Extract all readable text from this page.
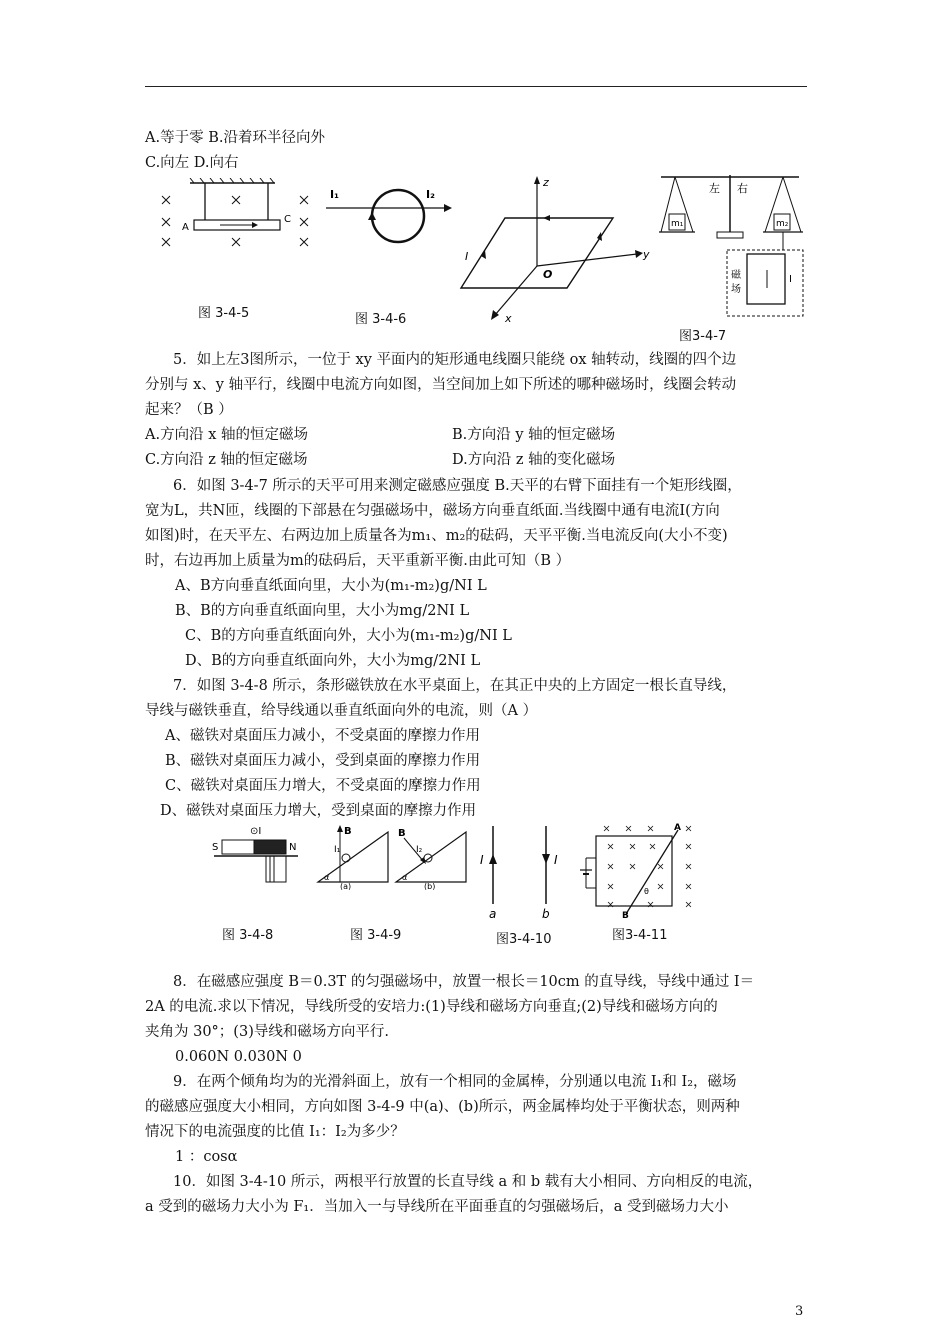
A.等于零 B.沿着环半径向外
C.向左 D.向右
A
C
图 3-4-5
I₁	I₂
图 3-4-6
z
y
x
O
I
左 右
m₁	m₂
磁
场
I
图3-4-7
5．如上左3图所示，一位于 xy 平面内的矩形通电线圈只能绕 ox 轴转动，线圈的四个边
分别与 x、y 轴平行，线圈中电流方向如图，当空间加上如下所述的哪种磁场时，线圈会转动
起来？（B ）
A.方向沿 x 轴的恒定磁场	B.方向沿 y 轴的恒定磁场
C.方向沿 z 轴的恒定磁场	D.方向沿 z 轴的变化磁场
6．如图 3-4-7 所示的天平可用来测定磁感应强度 B.天平的右臂下面挂有一个矩形线圈，
宽为L，共N匝，线圈的下部悬在匀强磁场中，磁场方向垂直纸面.当线圈中通有电流I(方向
如图)时，在天平左、右两边加上质量各为m₁、m₂的砝码，天平平衡.当电流反向(大小不变)
时，右边再加上质量为m的砝码后，天平重新平衡.由此可知（B ）
A、B方向垂直纸面向里，大小为(m₁-m₂)g/NI L
B、B的方向垂直纸面向里，大小为mg/2NI L
C、B的方向垂直纸面向外，大小为(m₁-m₂)g/NI L
D、B的方向垂直纸面向外，大小为mg/2NI L
7．如图 3-4-8 所示，条形磁铁放在水平桌面上，在其正中央的上方固定一根长直导线，
导线与磁铁垂直，给导线通以垂直纸面向外的电流，则（A ）
A、磁铁对桌面压力减小，不受桌面的摩擦力作用
B、磁铁对桌面压力减小，受到桌面的摩擦力作用
C、磁铁对桌面压力增大，不受桌面的摩擦力作用
D、磁铁对桌面压力增大，受到桌面的摩擦力作用
⊙I
S	N
图 3-4-8
B
I₁
α
(a)
B
I₂
α
(b)
图 3-4-9
I
a
I
b
图3-4-10
A
B
θ
图3-4-11
8．在磁感应强度 B＝0.3T 的匀强磁场中，放置一根长＝10cm 的直导线，导线中通过 I＝
2A 的电流.求以下情况，导线所受的安培力:(1)导线和磁场方向垂直;(2)导线和磁场方向的
夹角为 30°；(3)导线和磁场方向平行.
0.060N 0.030N 0
9．在两个倾角均为的光滑斜面上，放有一个相同的金属棒，分别通以电流 I₁和 I₂，磁场
的磁感应强度大小相同，方向如图 3-4-9 中(a)、(b)所示，两金属棒均处于平衡状态，则两种
情况下的电流强度的比值 I₁：I₂为多少？
1 ：cosα
10．如图 3-4-10 所示，两根平行放置的长直导线 a 和 b 载有大小相同、方向相反的电流，
a 受到的磁场力大小为 F₁．当加入一与导线所在平面垂直的匀强磁场后，a 受到磁场力大小
3
